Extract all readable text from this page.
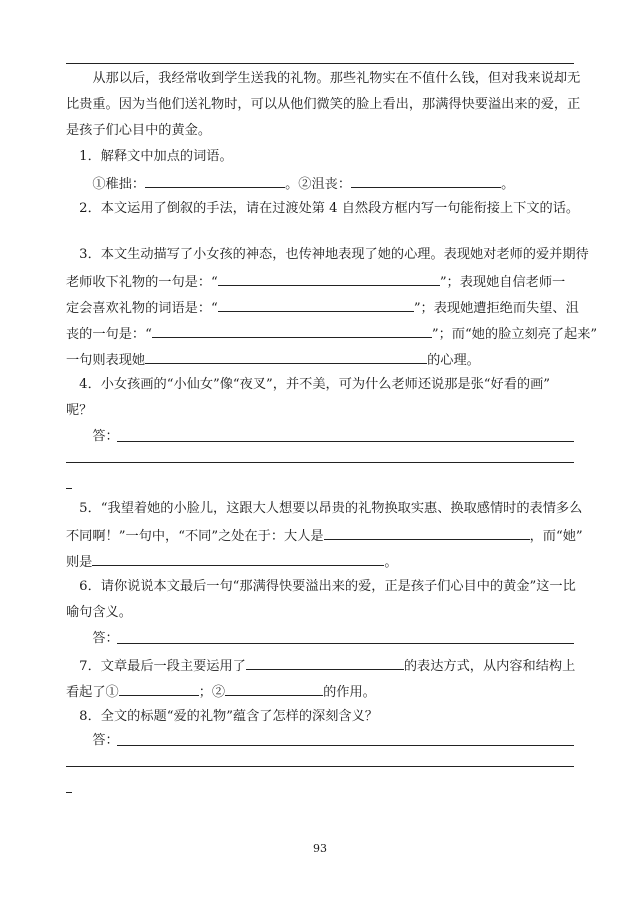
　　从那以后，我经常收到学生送我的礼物。那些礼物实在不值什么钱，但对我来说却无
比贵重。因为当他们送礼物时，可以从他们微笑的脸上看出，那满得快要溢出来的爱，正
是孩子们心目中的黄金。
　1．解释文中加点的词语。
　　①稚拙：	。②沮丧：	。
　2．本文运用了倒叙的手法，请在过渡处第 4 自然段方框内写一句能衔接上下文的话。
　3．本文生动描写了小女孩的神态，也传神地表现了她的心理。表现她对老师的爱并期待
老师收下礼物的一句是：“	”；表现她自信老师一
定会喜欢礼物的词语是：“	”；表现她遭拒绝而失望、沮
丧的一句是：“	”；而“她的脸立刻亮了起来”
一句则表现她	的心理。
　4．小女孩画的“小仙女”像“夜叉”，并不美，可为什么老师还说那是张“好看的画”
呢？
　　答：
　5．“我望着她的小脸儿，这跟大人想要以昂贵的礼物换取实惠、换取感情时的表情多么
不同啊！”一句中，“不同”之处在于：大人是	，而“她”
则是	。
　6．请你说说本文最后一句“那满得快要溢出来的爱，正是孩子们心目中的黄金”这一比
喻句含义。
　　答：
　7．文章最后一段主要运用了	的表达方式，从内容和结构上
看起了①	；②	的作用。
　8．全文的标题“爱的礼物”蕴含了怎样的深刻含义？
　　答：
93
